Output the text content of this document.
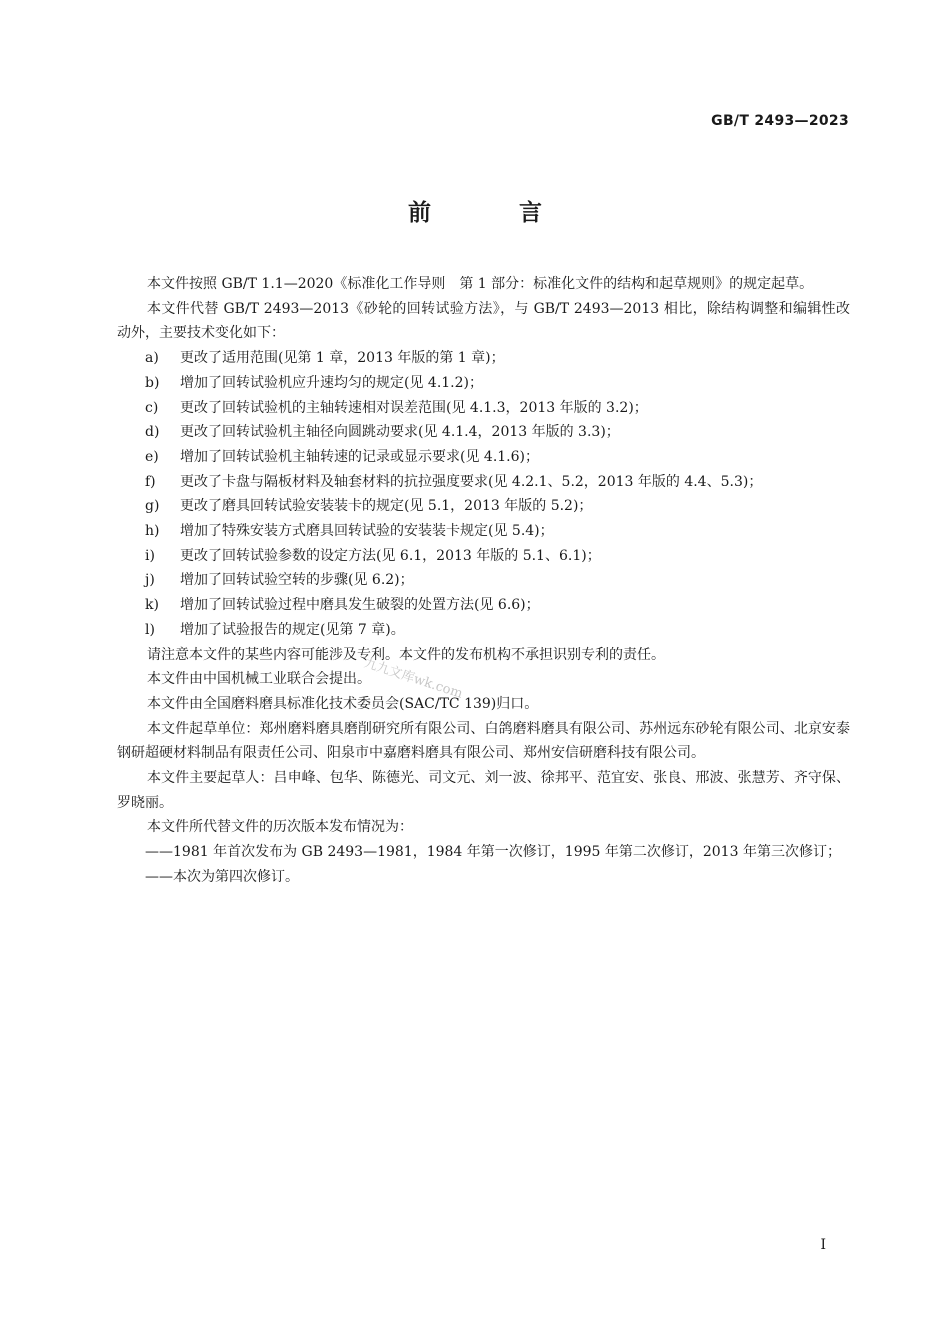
GB/T 2493—2023
前 言

本文件按照 GB/T 1.1—2020《标准化工作导则　第 1 部分：标准化文件的结构和起草规则》的规定起草。

本文件代替 GB/T 2493—2013《砂轮的回转试验方法》，与 GB/T 2493—2013 相比，除结构调整和编辑性改动外，主要技术变化如下：

a)	更改了适用范围(见第 1 章，2013 年版的第 1 章)；
b)	增加了回转试验机应升速均匀的规定(见 4.1.2)；
c)	更改了回转试验机的主轴转速相对误差范围(见 4.1.3，2013 年版的 3.2)；
d)	更改了回转试验机主轴径向圆跳动要求(见 4.1.4，2013 年版的 3.3)；
e)	增加了回转试验机主轴转速的记录或显示要求(见 4.1.6)；
f)	更改了卡盘与隔板材料及轴套材料的抗拉强度要求(见 4.2.1、5.2，2013 年版的 4.4、5.3)；
g)	更改了磨具回转试验安装装卡的规定(见 5.1，2013 年版的 5.2)；
h)	增加了特殊安装方式磨具回转试验的安装装卡规定(见 5.4)；
i)	更改了回转试验参数的设定方法(见 6.1，2013 年版的 5.1、6.1)；
j)	增加了回转试验空转的步骤(见 6.2)；
k)	增加了回转试验过程中磨具发生破裂的处置方法(见 6.6)；
l)	增加了试验报告的规定(见第 7 章)。

请注意本文件的某些内容可能涉及专利。本文件的发布机构不承担识别专利的责任。

本文件由中国机械工业联合会提出。

本文件由全国磨料磨具标准化技术委员会(SAC/TC 139)归口。

本文件起草单位：郑州磨料磨具磨削研究所有限公司、白鸽磨料磨具有限公司、苏州远东砂轮有限公司、北京安泰钢研超硬材料制品有限责任公司、阳泉市中嘉磨料磨具有限公司、郑州安信研磨科技有限公司。

本文件主要起草人：吕申峰、包华、陈德光、司文元、刘一波、徐邦平、范宜安、张良、邢波、张慧芳、齐守保、罗晓丽。

本文件所代替文件的历次版本发布情况为：

——1981 年首次发布为 GB 2493—1981，1984 年第一次修订，1995 年第二次修订，2013 年第三次修订；

——本次为第四次修订。

九九文库wk.com
I
